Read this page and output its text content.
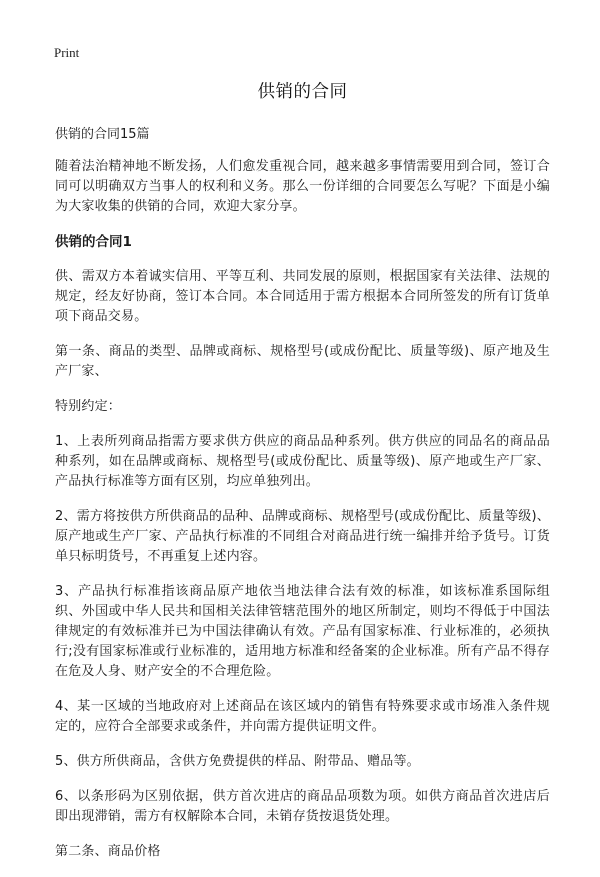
Print
供销的合同
供销的合同15篇

随着法治精神地不断发扬，人们愈发重视合同，越来越多事情需要用到合同，签订合同可以明确双方当事人的权利和义务。那么一份详细的合同要怎么写呢？下面是小编为大家收集的供销的合同，欢迎大家分享。

供销的合同1

供、需双方本着诚实信用、平等互利、共同发展的原则，根据国家有关法律、法规的规定，经友好协商，签订本合同。本合同适用于需方根据本合同所签发的所有订货单项下商品交易。

第一条、商品的类型、品牌或商标、规格型号(或成份配比、质量等级)、原产地及生产厂家、

特别约定：

1、上表所列商品指需方要求供方供应的商品品种系列。供方供应的同品名的商品品种系列，如在品牌或商标、规格型号(或成份配比、质量等级)、原产地或生产厂家、产品执行标准等方面有区别，均应单独列出。

2、需方将按供方所供商品的品种、品牌或商标、规格型号(或成份配比、质量等级)、原产地或生产厂家、产品执行标准的不同组合对商品进行统一编排并给予货号。订货单只标明货号，不再重复上述内容。

3、产品执行标准指该商品原产地依当地法律合法有效的标准，如该标准系国际组织、外国或中华人民共和国相关法律管辖范围外的地区所制定，则均不得低于中国法律规定的有效标准并已为中国法律确认有效。产品有国家标准、行业标准的，必须执行;没有国家标准或行业标准的，适用地方标准和经备案的企业标准。所有产品不得存在危及人身、财产安全的不合理危险。

4、某一区域的当地政府对上述商品在该区域内的销售有特殊要求或市场准入条件规定的，应符合全部要求或条件，并向需方提供证明文件。

5、供方所供商品，含供方免费提供的样品、附带品、赠品等。

6、以条形码为区别依据，供方首次进店的商品品项数为项。如供方商品首次进店后即出现滞销，需方有权解除本合同，未销存货按退货处理。

第二条、商品价格
